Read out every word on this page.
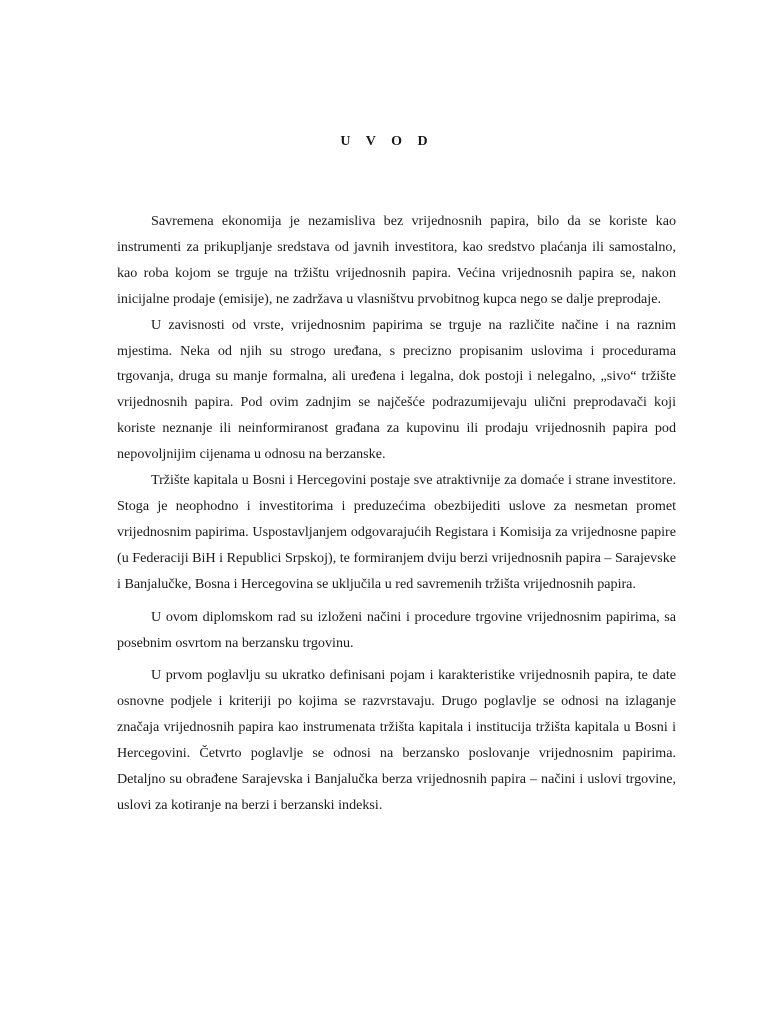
U V O D

Savremena ekonomija je nezamisliva bez vrijednosnih papira, bilo da se koriste kao instrumenti za prikupljanje sredstava od javnih investitora, kao sredstvo plaćanja ili samostalno, kao roba kojom se trguje na tržištu vrijednosnih papira. Većina vrijednosnih papira se, nakon inicijalne prodaje (emisije), ne zadržava u vlasništvu prvobitnog kupca nego se dalje preprodaje.

U zavisnosti od vrste, vrijednosnim papirima se trguje na različite načine i na raznim mjestima. Neka od njih su strogo uređana, s precizno propisanim uslovima i procedurama trgovanja, druga su manje formalna, ali uređena i legalna, dok postoji i nelegalno, „sivo“ tržište vrijednosnih papira. Pod ovim zadnjim se najčešće podrazumijevaju ulični preprodavači koji koriste neznanje ili neinformiranost građana za kupovinu ili prodaju vrijednosnih papira pod nepovoljnijim cijenama u odnosu na berzanske.

Tržište kapitala u Bosni i Hercegovini postaje sve atraktivnije za domaće i strane investitore. Stoga je neophodno i investitorima i preduzećima obezbijediti uslove za nesmetan promet vrijednosnim papirima. Uspostavljanjem odgovarajućih Registara i Komisija za vrijednosne papire (u Federaciji BiH i Republici Srpskoj), te formiranjem dviju berzi vrijednosnih papira – Sarajevske i Banjalučke, Bosna i Hercegovina se uključila u red savremenih tržišta vrijednosnih papira.

U ovom diplomskom rad su izloženi načini i procedure trgovine vrijednosnim papirima, sa posebnim osvrtom na berzansku trgovinu.

U prvom poglavlju su ukratko definisani pojam i karakteristike vrijednosnih papira, te date osnovne podjele i kriteriji po kojima se razvrstavaju. Drugo poglavlje se odnosi na izlaganje značaja vrijednosnih papira kao instrumenata tržišta kapitala i institucija tržišta kapitala u Bosni i Hercegovini. Četvrto poglavlje se odnosi na berzansko poslovanje vrijednosnim papirima. Detaljno su obrađene Sarajevska i Banjalučka berza vrijednosnih papira – načini i uslovi trgovine, uslovi za kotiranje na berzi i berzanski indeksi.
